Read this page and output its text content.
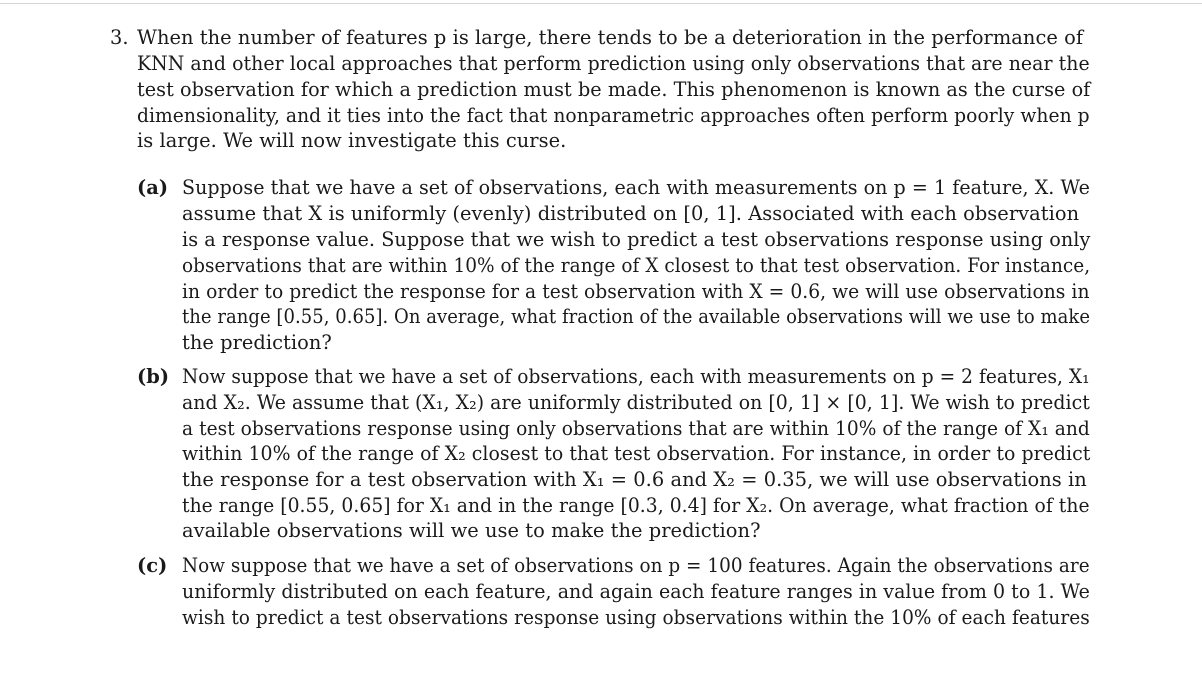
3. When the number of features p is large, there tends to be a deterioration in the performance of
KNN and other local approaches that perform prediction using only observations that are near the
test observation for which a prediction must be made. This phenomenon is known as the curse of
dimensionality, and it ties into the fact that nonparametric approaches often perform poorly when p
is large. We will now investigate this curse.
(a) Suppose that we have a set of observations, each with measurements on p = 1 feature, X. We
assume that X is uniformly (evenly) distributed on [0, 1]. Associated with each observation
is a response value. Suppose that we wish to predict a test observations response using only
observations that are within 10% of the range of X closest to that test observation. For instance,
in order to predict the response for a test observation with X = 0.6, we will use observations in
the range [0.55, 0.65]. On average, what fraction of the available observations will we use to make
the prediction?
(b) Now suppose that we have a set of observations, each with measurements on p = 2 features, X₁
and X₂. We assume that (X₁, X₂) are uniformly distributed on [0, 1] × [0, 1]. We wish to predict
a test observations response using only observations that are within 10% of the range of X₁ and
within 10% of the range of X₂ closest to that test observation. For instance, in order to predict
the response for a test observation with X₁ = 0.6 and X₂ = 0.35, we will use observations in
the range [0.55, 0.65] for X₁ and in the range [0.3, 0.4] for X₂. On average, what fraction of the
available observations will we use to make the prediction?
(c) Now suppose that we have a set of observations on p = 100 features. Again the observations are
uniformly distributed on each feature, and again each feature ranges in value from 0 to 1. We
wish to predict a test observations response using observations within the 10% of each features
